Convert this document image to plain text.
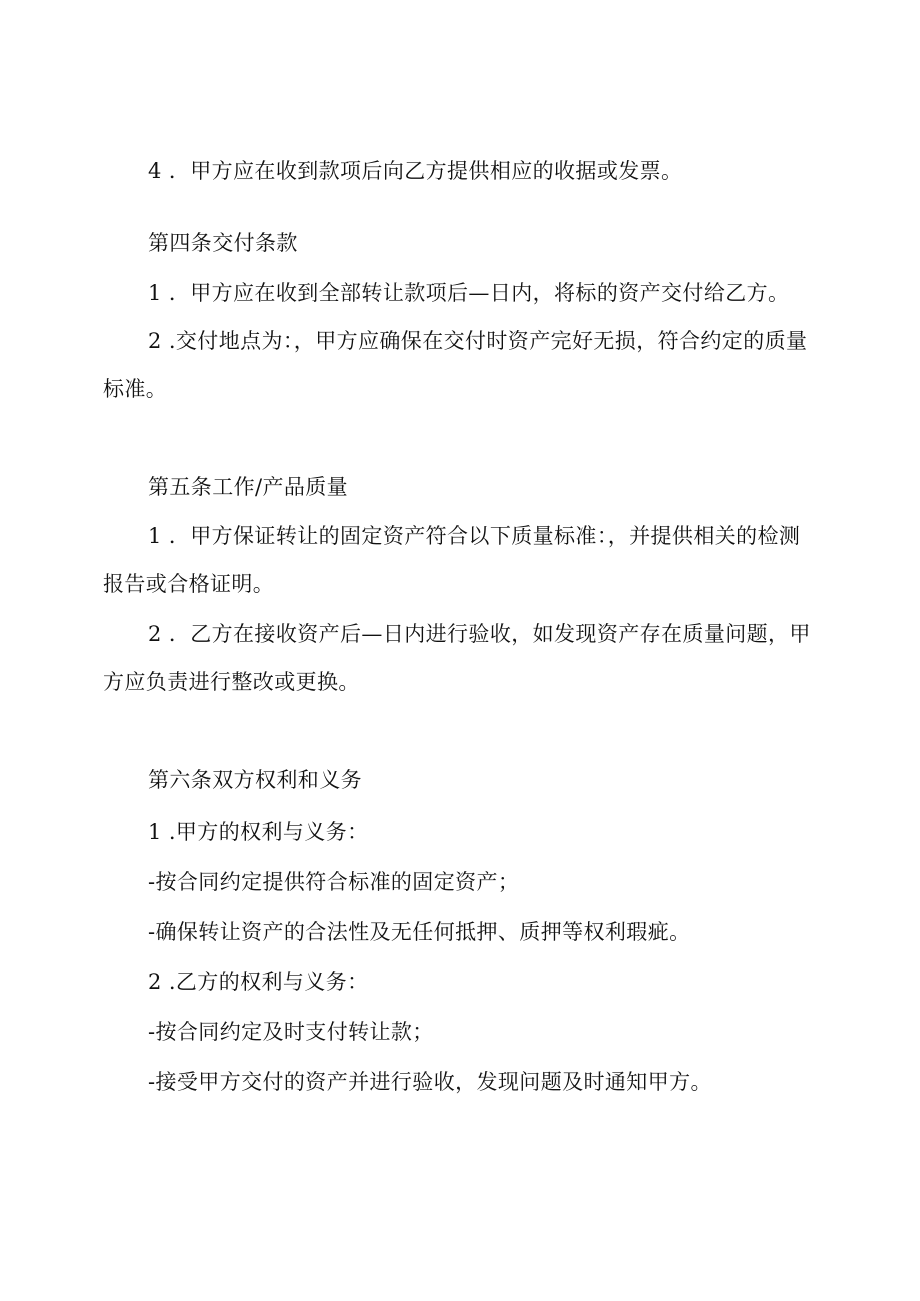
4 ．甲方应在收到款项后向乙方提供相应的收据或发票。
第四条交付条款
1 ．甲方应在收到全部转让款项后—日内，将标的资产交付给乙方。
2 .交付地点为：，甲方应确保在交付时资产完好无损，符合约定的质量
标准。
第五条工作/产品质量
1 ．甲方保证转让的固定资产符合以下质量标准：，并提供相关的检测
报告或合格证明。
2 ．乙方在接收资产后—日内进行验收，如发现资产存在质量问题，甲
方应负责进行整改或更换。
第六条双方权利和义务
1 .甲方的权利与义务：
-按合同约定提供符合标准的固定资产；
-确保转让资产的合法性及无任何抵押、质押等权利瑕疵。
2 .乙方的权利与义务：
-按合同约定及时支付转让款；
-接受甲方交付的资产并进行验收，发现问题及时通知甲方。
